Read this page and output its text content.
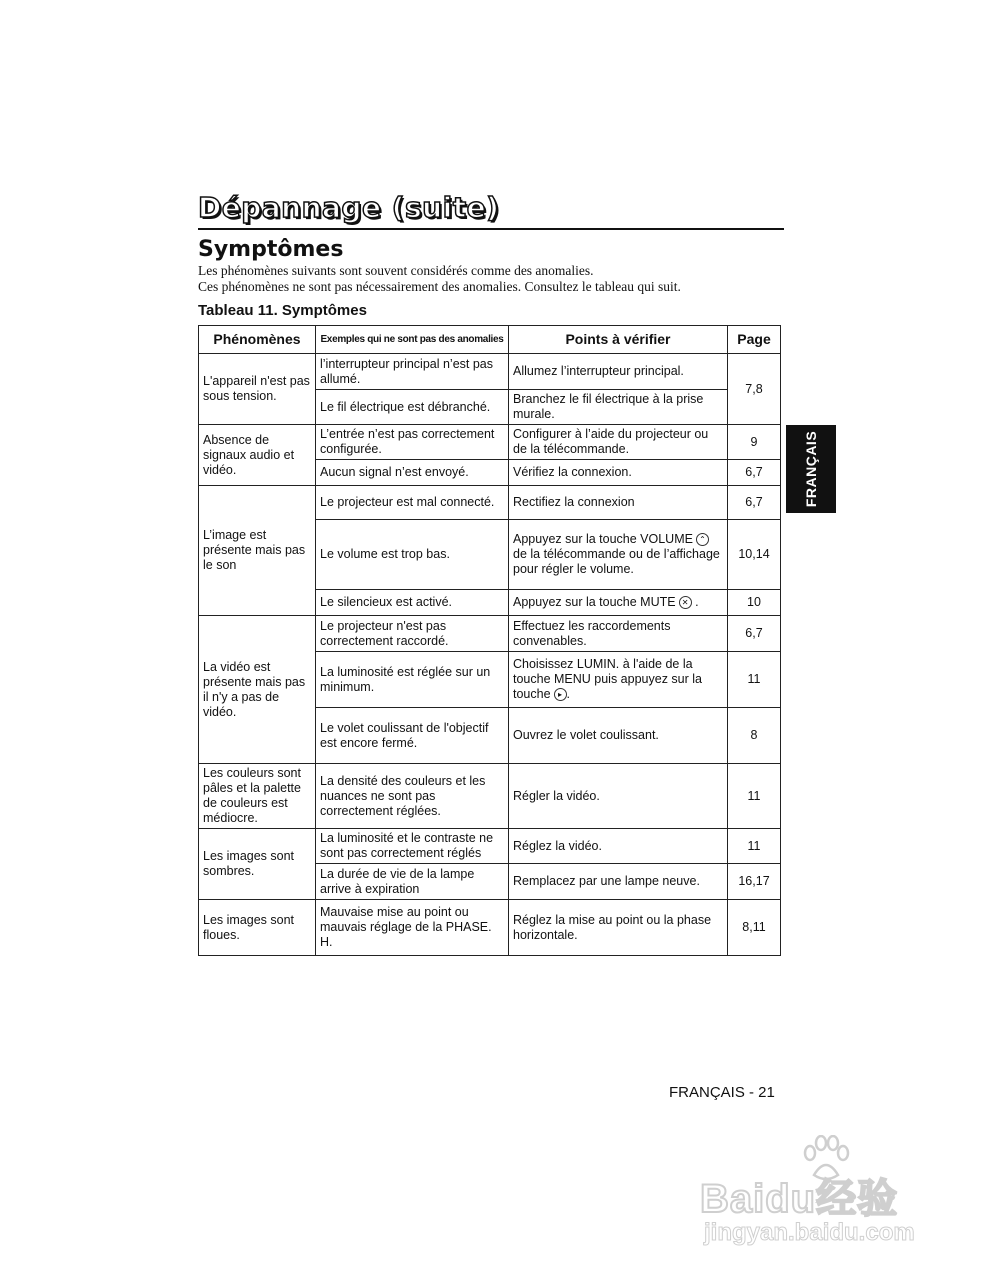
Dépannage (suite)
Symptômes
Les phénomènes suivants sont souvent considérés comme des anomalies.
Ces phénomènes ne sont pas nécessairement des anomalies. Consultez le tableau qui suit.
Tableau 11. Symptômes
Phénomènes	Exemples qui ne sont pas des anomalies	Points à vérifier	Page
L'appareil n'est pas sous tension.	l’interrupteur principal n’est pas allumé.	Allumez l’interrupteur principal.	7,8
	Le fil électrique est débranché.	Branchez le fil électrique à la prise murale.	
Absence de signaux audio et vidéo.	L’entrée n’est pas correctement configurée.	Configurer à l’aide du projecteur ou de la télécommande.	9
	Aucun signal n’est envoyé.	Vérifiez la connexion.	6,7
L’image est présente mais pas le son	Le projecteur est mal connecté.	Rectifiez la connexion	6,7
	Le volume est trop bas.	Appuyez sur la touche VOLUME ⌃ de la télécommande ou de l’affichage pour régler le volume.	10,14
	Le silencieux est activé.	Appuyez sur la touche MUTE ✕ .	10
La vidéo est présente mais pas il n'y a pas de vidéo.	Le projecteur n'est pas correctement raccordé.	Effectuez les raccordements convenables.	6,7
	La luminosité est réglée sur un minimum.	Choisissez LUMIN. à l'aide de la touche MENU puis appuyez sur la touche ▸ .	11
	Le volet coulissant de l'objectif est encore fermé.	Ouvrez le volet coulissant.	8
Les couleurs sont pâles et la palette de couleurs est médiocre.	La densité des couleurs et les nuances ne sont pas correctement réglées.	Régler la vidéo.	11
Les images sont sombres.	La luminosité et le contraste ne sont pas correctement réglés	Réglez la vidéo.	11
	La durée de vie de la lampe arrive à expiration	Remplacez par une lampe neuve.	16,17
Les images sont floues.	Mauvaise mise au point ou mauvais réglage de la PHASE. H.	Réglez la mise au point ou la phase horizontale.	8,11
FRANÇAIS
FRANÇAIS - 21
Baidu经验
jingyan.baidu.com
